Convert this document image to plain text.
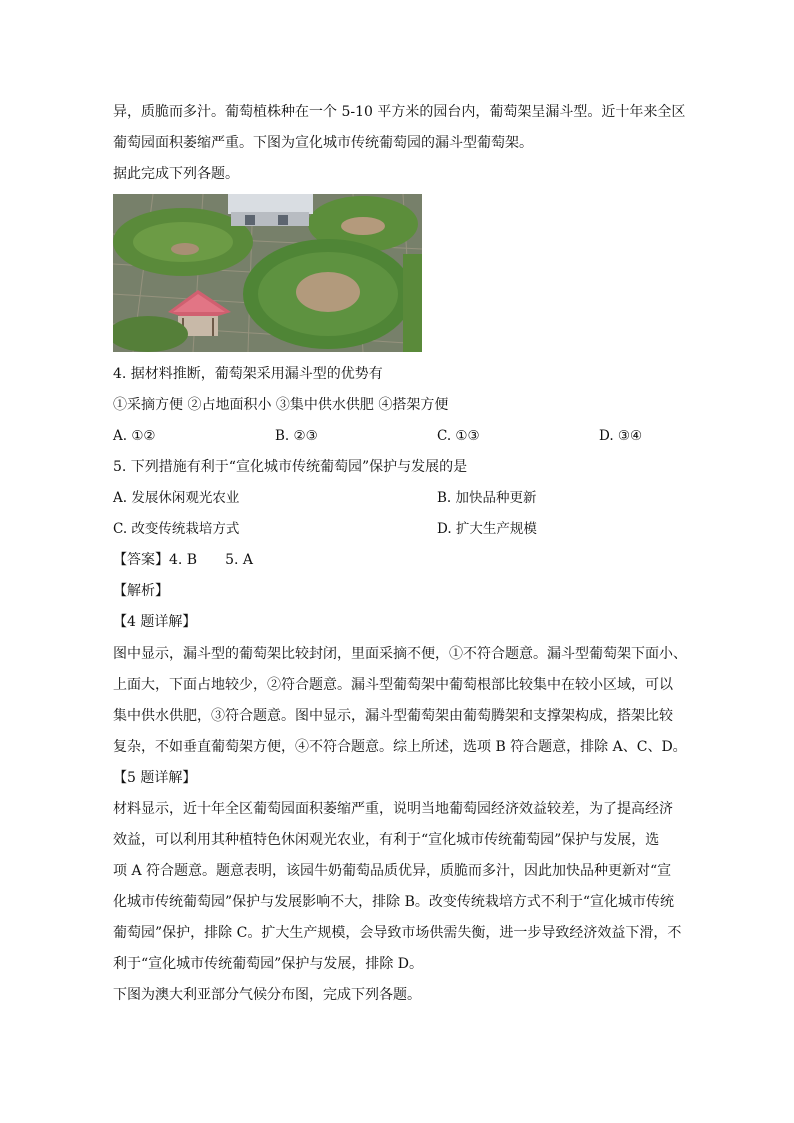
异，质脆而多汁。葡萄植株种在一个 5-10 平方米的园台内，葡萄架呈漏斗型。近十年来全区
葡萄园面积萎缩严重。下图为宣化城市传统葡萄园的漏斗型葡萄架。
据此完成下列各题。
4. 据材料推断，葡萄架采用漏斗型的优势有
①采摘方便 ②占地面积小 ③集中供水供肥 ④搭架方便
A. ①②	B. ②③	C. ①③	D. ③④
5. 下列措施有利于“宣化城市传统葡萄园”保护与发展的是
A. 发展休闲观光农业	B. 加快品种更新
C. 改变传统栽培方式	D. 扩大生产规模
【答案】4. B　　5. A
【解析】
【4 题详解】
图中显示，漏斗型的葡萄架比较封闭，里面采摘不便，①不符合题意。漏斗型葡萄架下面小、
上面大，下面占地较少，②符合题意。漏斗型葡萄架中葡萄根部比较集中在较小区域，可以
集中供水供肥，③符合题意。图中显示，漏斗型葡萄架由葡萄腾架和支撑架构成，搭架比较
复杂，不如垂直葡萄架方便，④不符合题意。综上所述，选项 B 符合题意，排除 A、C、D。
【5 题详解】
材料显示，近十年全区葡萄园面积萎缩严重，说明当地葡萄园经济效益较差，为了提高经济
效益，可以利用其种植特色休闲观光农业，有利于“宣化城市传统葡萄园”保护与发展，选
项 A 符合题意。题意表明，该园牛奶葡萄品质优异，质脆而多汁，因此加快品种更新对“宣
化城市传统葡萄园”保护与发展影响不大，排除 B。改变传统栽培方式不利于“宣化城市传统
葡萄园”保护，排除 C。扩大生产规模，会导致市场供需失衡，进一步导致经济效益下滑，不
利于“宣化城市传统葡萄园”保护与发展，排除 D。
下图为澳大利亚部分气候分布图，完成下列各题。
